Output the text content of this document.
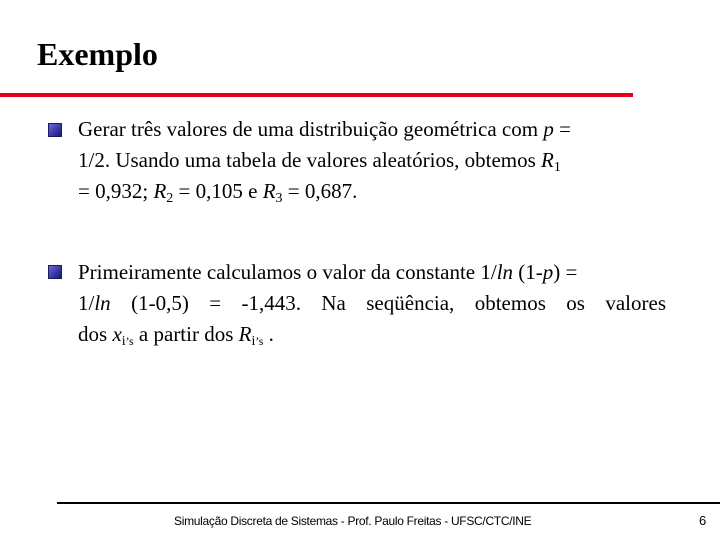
Exemplo
Gerar três valores de uma distribuição geométrica com p =
1/2. Usando uma tabela de valores aleatórios, obtemos $R_1$
= 0,932; $R_2 = 0,105$ e $R_3 = 0,687$.
Primeiramente calculamos o valor da constante 1/ln (1-p) =
1/ln (1-0,5) = -1,443. Na seqüência, obtemos os valores
dos $x_i’s$ a partir dos $R_i’s$ .
Simulação Discreta de Sistemas - Prof. Paulo Freitas - UFSC/CTC/INE	6
